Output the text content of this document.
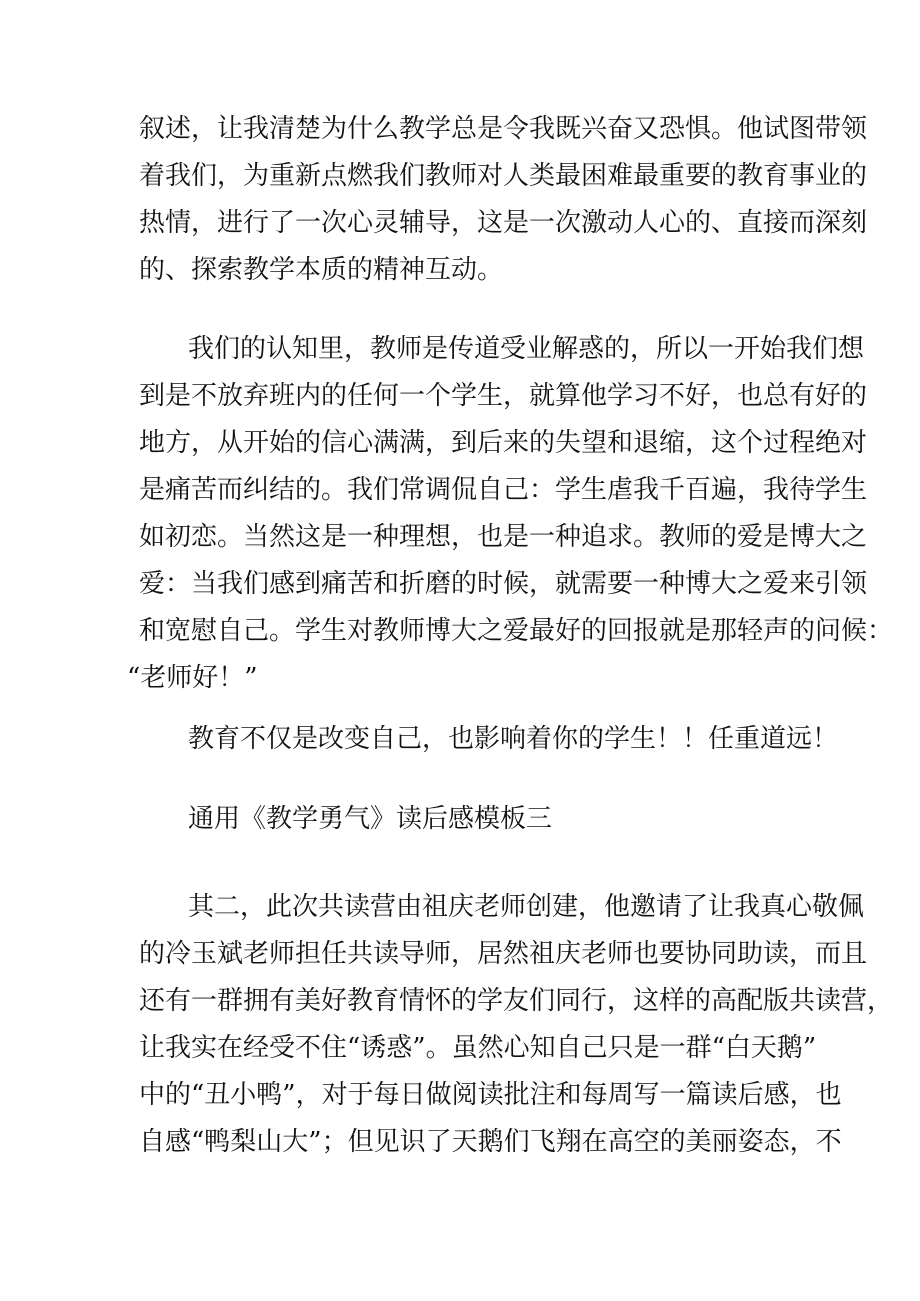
叙述，让我清楚为什么教学总是令我既兴奋又恐惧。他试图带领
着我们，为重新点燃我们教师对人类最困难最重要的教育事业的
热情，进行了一次心灵辅导，这是一次激动人心的、直接而深刻
的、探索教学本质的精神互动。
我们的认知里，教师是传道受业解惑的，所以一开始我们想
到是不放弃班内的任何一个学生，就算他学习不好，也总有好的
地方，从开始的信心满满，到后来的失望和退缩，这个过程绝对
是痛苦而纠结的。我们常调侃自己：学生虐我千百遍，我待学生
如初恋。当然这是一种理想，也是一种追求。教师的爱是博大之
爱：当我们感到痛苦和折磨的时候，就需要一种博大之爱来引领
和宽慰自己。学生对教师博大之爱最好的回报就是那轻声的问候：
“老师好！”
教育不仅是改变自己，也影响着你的学生！！任重道远！
通用《教学勇气》读后感模板三
其二，此次共读营由祖庆老师创建，他邀请了让我真心敬佩
的冷玉斌老师担任共读导师，居然祖庆老师也要协同助读，而且
还有一群拥有美好教育情怀的学友们同行，这样的高配版共读营，
让我实在经受不住“诱惑”。虽然心知自己只是一群“白天鹅”
中的“丑小鸭”，对于每日做阅读批注和每周写一篇读后感，也
自感“鸭梨山大”；但见识了天鹅们飞翔在高空的美丽姿态，不
